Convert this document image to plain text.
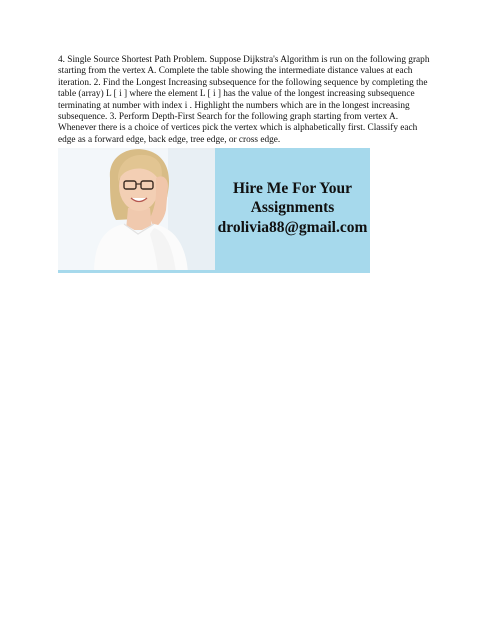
4. Single Source Shortest Path Problem. Suppose Dijkstra's Algorithm is run on the following graph starting from the vertex A. Complete the table showing the intermediate distance values at each iteration. 2. Find the Longest Increasing subsequence for the following sequence by completing the table (array) L [ i ] where the element L [ i ] has the value of the longest increasing subsequence terminating at number with index i . Highlight the numbers which are in the longest increasing subsequence. 3. Perform Depth-First Search for the following graph starting from vertex A. Whenever there is a choice of vertices pick the vertex which is alphabetically first. Classify each edge as a forward edge, back edge, tree edge, or cross edge.

Hire Me For Your
Assignments
drolivia88@gmail.com
